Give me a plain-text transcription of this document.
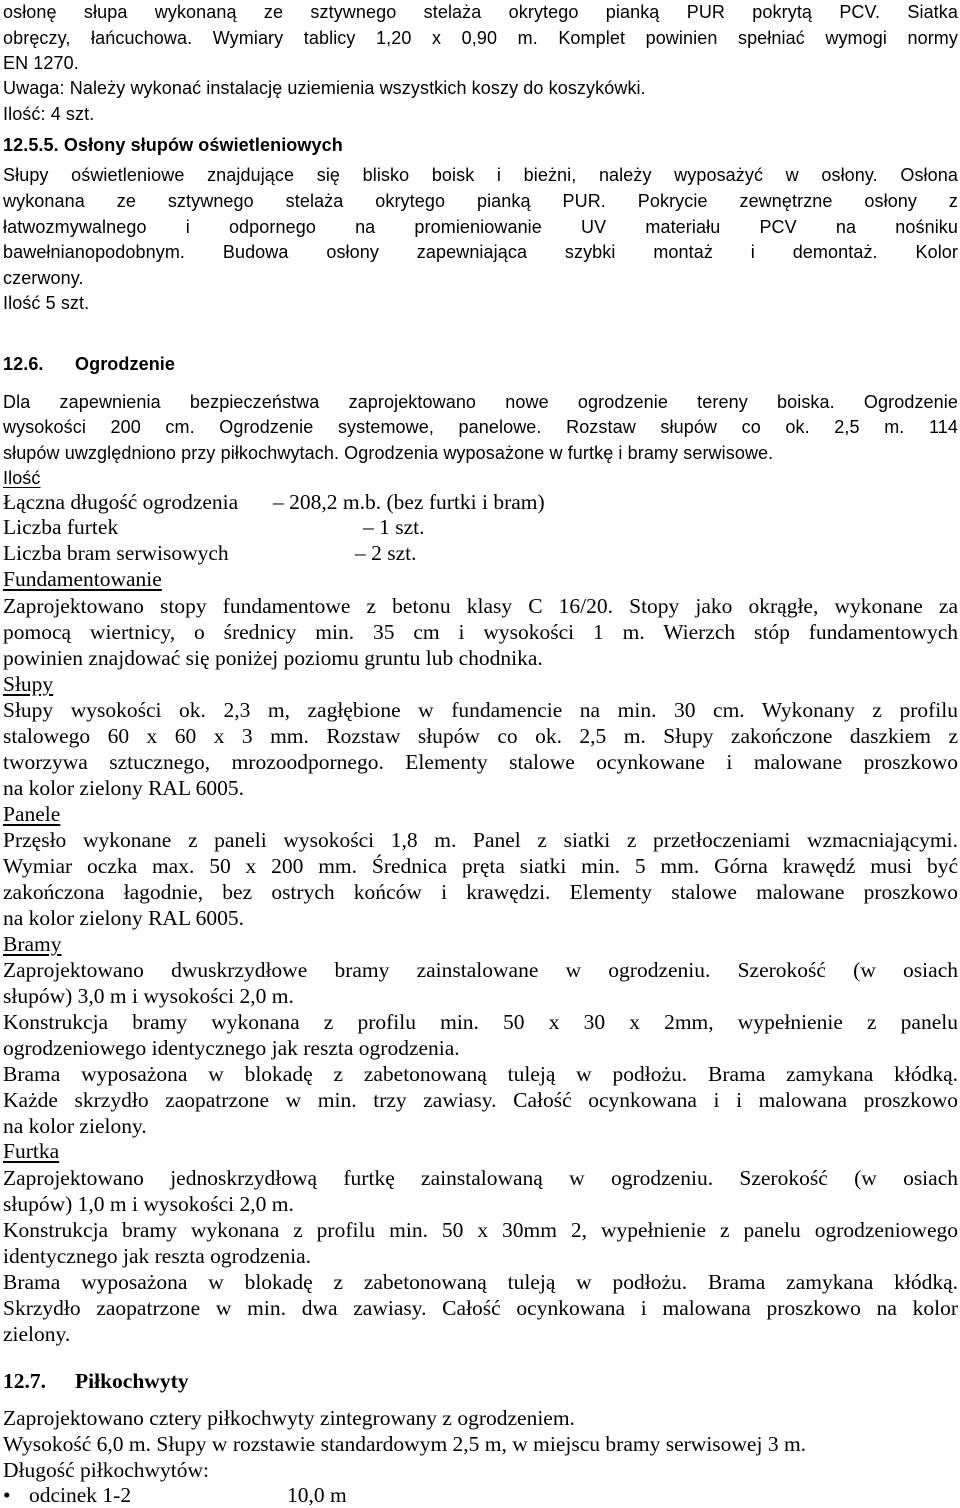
osłonę słupa wykonaną ze sztywnego stelaża okrytego pianką PUR pokrytą PCV. Siatka
obręczy, łańcuchowa. Wymiary tablicy 1,20 x 0,90 m. Komplet powinien spełniać wymogi normy
EN 1270.
Uwaga: Należy wykonać instalację uziemienia wszystkich koszy do koszykówki.
Ilość: 4 szt.
12.5.5. Osłony słupów oświetleniowych
Słupy oświetleniowe znajdujące się blisko boisk i bieżni, należy wyposażyć w osłony. Osłona
wykonana ze sztywnego stelaża okrytego pianką PUR. Pokrycie zewnętrzne osłony z
łatwozmywalnego i odpornego na promieniowanie UV materiału PCV na nośniku
bawełnianopodobnym. Budowa osłony zapewniająca szybki montaż i demontaż. Kolor
czerwony.
Ilość 5 szt.
12.6. Ogrodzenie
Dla zapewnienia bezpieczeństwa zaprojektowano nowe ogrodzenie tereny boiska. Ogrodzenie
wysokości 200 cm. Ogrodzenie systemowe, panelowe. Rozstaw słupów co ok. 2,5 m. 114
słupów uwzględniono przy piłkochwytach. Ogrodzenia wyposażone w furtkę i bramy serwisowe.
Ilość
Łączna długość ogrodzenia – 208,2 m.b. (bez furtki i bram)
Liczba furtek	– 1 szt.
Liczba bram serwisowych	– 2 szt.
Fundamentowanie
Zaprojektowano stopy fundamentowe z betonu klasy C 16/20. Stopy jako okrągłe, wykonane za
pomocą wiertnicy, o średnicy min. 35 cm i wysokości 1 m. Wierzch stóp fundamentowych
powinien znajdować się poniżej poziomu gruntu lub chodnika.
Słupy
Słupy wysokości ok. 2,3 m, zagłębione w fundamencie na min. 30 cm. Wykonany z profilu
stalowego 60 x 60 x 3 mm. Rozstaw słupów co ok. 2,5 m. Słupy zakończone daszkiem z
tworzywa sztucznego, mrozoodpornego. Elementy stalowe ocynkowane i malowane proszkowo
na kolor zielony RAL 6005.
Panele
Przęsło wykonane z paneli wysokości 1,8 m. Panel z siatki z przetłoczeniami wzmacniającymi.
Wymiar oczka max. 50 x 200 mm. Średnica pręta siatki min. 5 mm. Górna krawędź musi być
zakończona łagodnie, bez ostrych końców i krawędzi. Elementy stalowe malowane proszkowo
na kolor zielony RAL 6005.
Bramy
Zaprojektowano dwuskrzydłowe bramy zainstalowane w ogrodzeniu. Szerokość (w osiach
słupów) 3,0 m i wysokości 2,0 m.
Konstrukcja bramy wykonana z profilu min. 50 x 30 x 2mm, wypełnienie z panelu
ogrodzeniowego identycznego jak reszta ogrodzenia.
Brama wyposażona w blokadę z zabetonowaną tuleją w podłożu. Brama zamykana kłódką.
Każde skrzydło zaopatrzone w min. trzy zawiasy. Całość ocynkowana i i malowana proszkowo
na kolor zielony.
Furtka
Zaprojektowano jednoskrzydłową furtkę zainstalowaną w ogrodzeniu. Szerokość (w osiach
słupów) 1,0 m i wysokości 2,0 m.
Konstrukcja bramy wykonana z profilu min. 50 x 30mm 2, wypełnienie z panelu ogrodzeniowego
identycznego jak reszta ogrodzenia.
Brama wyposażona w blokadę z zabetonowaną tuleją w podłożu. Brama zamykana kłódką.
Skrzydło zaopatrzone w min. dwa zawiasy. Całość ocynkowana i malowana proszkowo na kolor
zielony.
12.7. Piłkochwyty
Zaprojektowano cztery piłkochwyty zintegrowany z ogrodzeniem.
Wysokość 6,0 m. Słupy w rozstawie standardowym 2,5 m, w miejscu bramy serwisowej 3 m.
Długość piłkochwytów:
• odcinek 1-2	10,0 m
